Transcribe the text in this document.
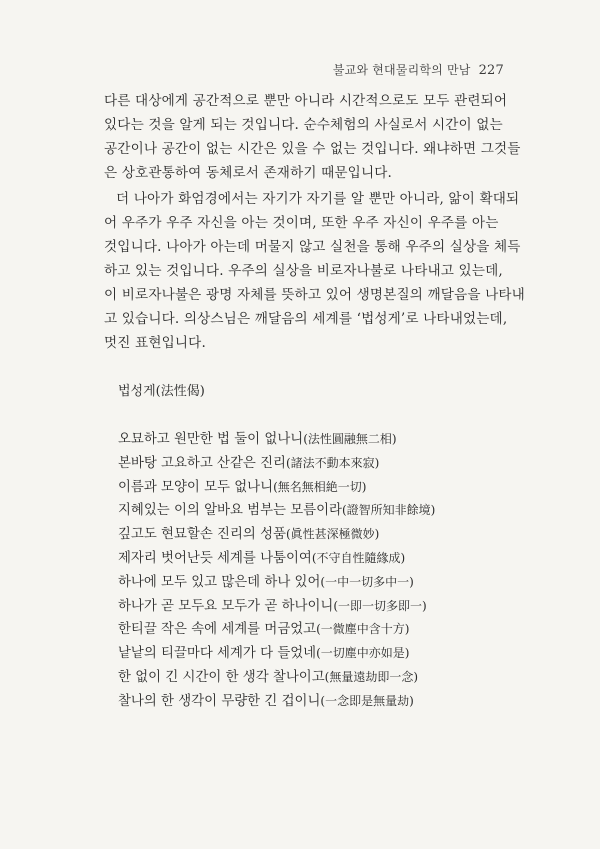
불교와 현대물리학의 만남 227

다른 대상에게 공간적으로 뿐만 아니라 시간적으로도 모두 관련되어

있다는 것을 알게 되는 것입니다. 순수체험의 사실로서 시간이 없는

공간이나 공간이 없는 시간은 있을 수 없는 것입니다. 왜냐하면 그것들

은 상호관통하여 동체로서 존재하기 때문입니다.

더 나아가 화엄경에서는 자기가 자기를 알 뿐만 아니라, 앎이 확대되

어 우주가 우주 자신을 아는 것이며, 또한 우주 자신이 우주를 아는

것입니다. 나아가 아는데 머물지 않고 실천을 통해 우주의 실상을 체득

하고 있는 것입니다. 우주의 실상을 비로자나불로 나타내고 있는데,

이 비로자나불은 광명 자체를 뜻하고 있어 생명본질의 깨달음을 나타내

고 있습니다. 의상스님은 깨달음의 세계를 ‘법성게’로 나타내었는데,

멋진 표현입니다.

법성게(法性偈)
오묘하고 원만한 법 둘이 없나니(法性圓融無二相)
본바탕 고요하고 산같은 진리(諸法不動本來寂)
이름과 모양이 모두 없나니(無名無相絶一切)
지혜있는 이의 알바요 범부는 모름이라(證智所知非餘境)
깊고도 현묘할손 진리의 성품(眞性甚深極微妙)
제자리 벗어난듯 세계를 나툼이여(不守自性隨緣成)
하나에 모두 있고 많은데 하나 있어(一中一切多中一)
하나가 곧 모두요 모두가 곧 하나이니(一即一切多即一)
한티끌 작은 속에 세계를 머금었고(一微塵中含十方)
낱낱의 티끌마다 세계가 다 들었네(一切塵中亦如是)
한 없이 긴 시간이 한 생각 찰나이고(無量遠劫即一念)
찰나의 한 생각이 무량한 긴 겁이니(一念即是無量劫)
